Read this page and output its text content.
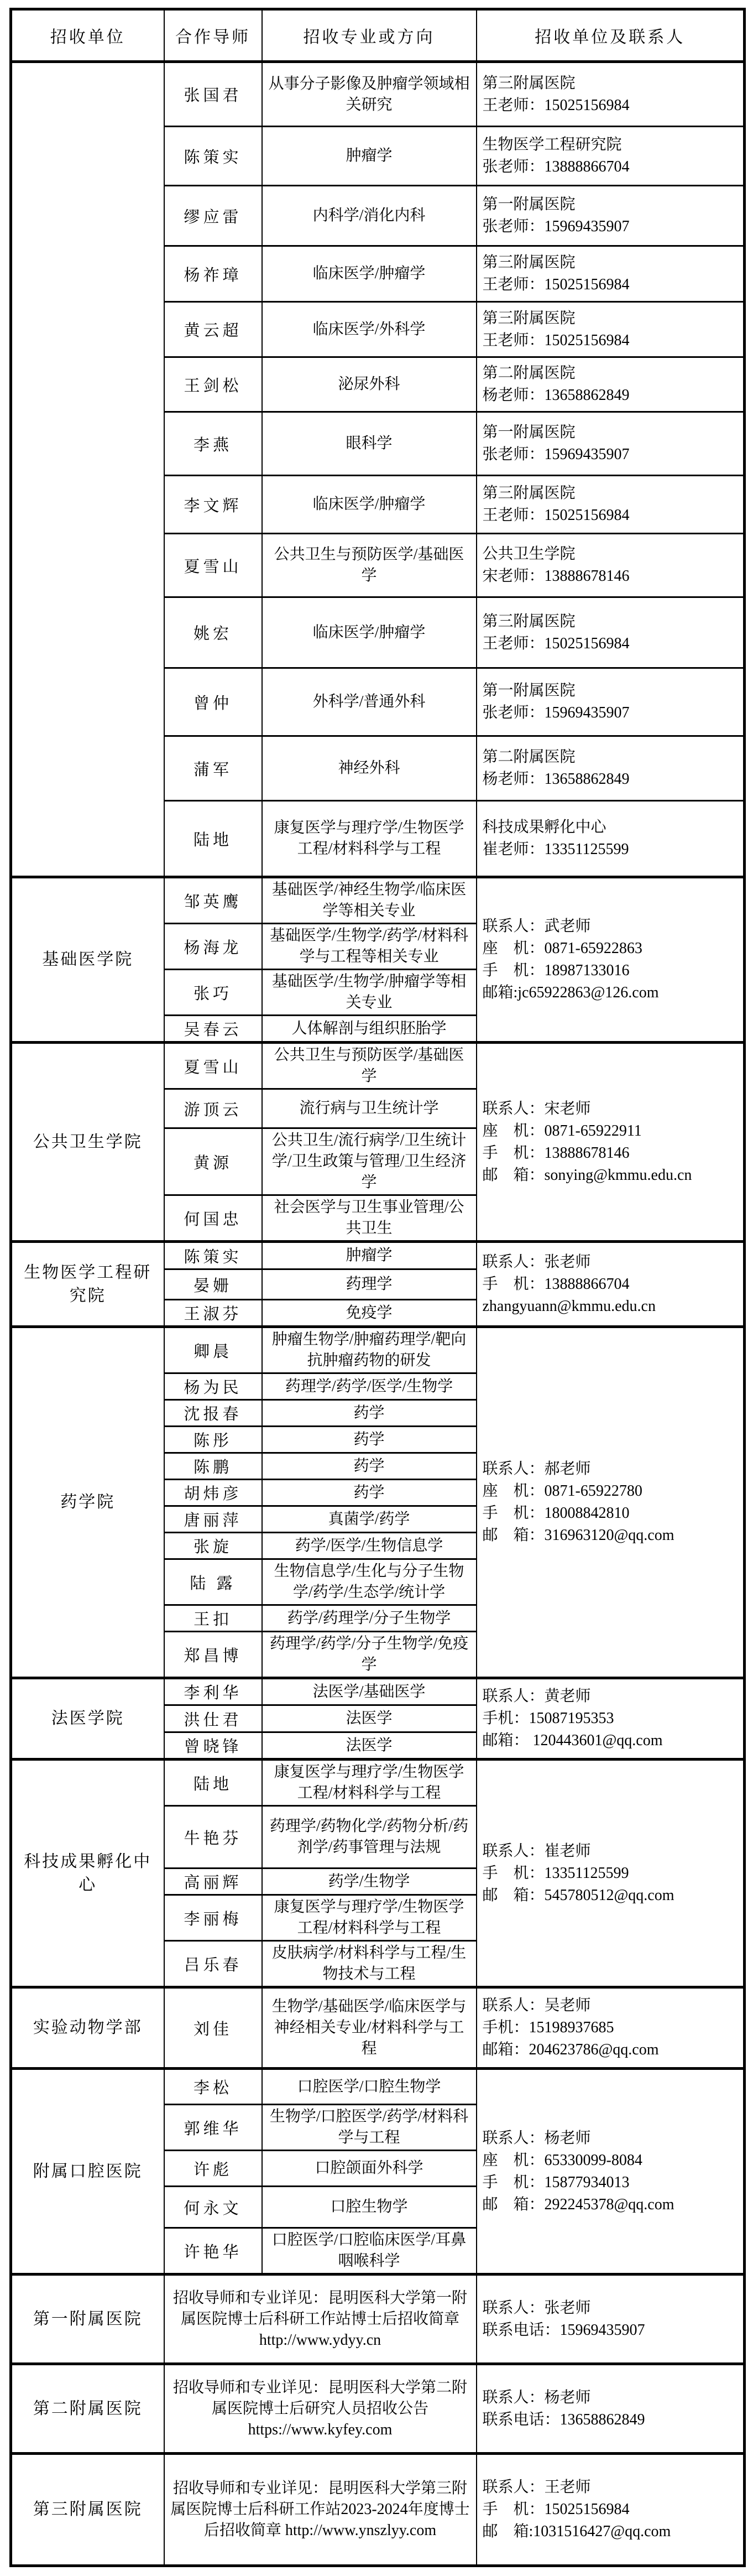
招收单位	合作导师	招收专业或方向	招收单位及联系人
	张国君	从事分子影像及肿瘤学领域相关研究	第三附属医院
王老师：15025156984

	陈策实	肿瘤学	生物医学工程研究院
张老师：13888866704

	缪应雷	内科学/消化内科	第一附属医院
张老师：15969435907

	杨祚璋	临床医学/肿瘤学	第三附属医院
王老师：15025156984

	黄云超	临床医学/外科学	第三附属医院
王老师：15025156984

	王剑松	泌尿外科	第二附属医院
杨老师：13658862849

	李燕	眼科学	第一附属医院
张老师：15969435907

	李文辉	临床医学/肿瘤学	第三附属医院
王老师：15025156984

	夏雪山	公共卫生与预防医学/基础医学	公共卫生学院
宋老师：13888678146

	姚宏	临床医学/肿瘤学	第三附属医院
王老师：15025156984

	曾仲	外科学/普通外科	第一附属医院
张老师：15969435907

	蒲军	神经外科	第二附属医院
杨老师：13658862849

	陆地	康复医学与理疗学/生物医学工程/材料科学与工程	科技成果孵化中心
崔老师：13351125599

基础医学院	邹英鹰	基础医学/神经生物学/临床医学等相关专业	联系人：武老师
座　机：0871-65922863
手　机：18987133016
邮箱:jc65922863@126.com

	杨海龙	基础医学/生物学/药学/材料科学与工程等相关专业	
	张巧	基础医学/生物学/肿瘤学等相关专业	
	吴春云	人体解剖与组织胚胎学	
公共卫生学院	夏雪山	公共卫生与预防医学/基础医学	联系人：宋老师
座　机：0871-65922911
手　机：13888678146
邮　箱：sonying@kmmu.edu.cn

	游顶云	流行病与卫生统计学	
	黄源	公共卫生/流行病学/卫生统计学/卫生政策与管理/卫生经济学	
	何国忠	社会医学与卫生事业管理/公共卫生	
生物医学工程研究院	陈策实	肿瘤学	联系人：张老师
手　机：13888866704
zhangyuann@kmmu.edu.cn

	晏姗	药理学	
	王淑芬	免疫学	
药学院	卿晨	肿瘤生物学/肿瘤药理学/靶向抗肿瘤药物的研发	联系人：郝老师
座　机：0871-65922780
手　机：18008842810
邮　箱：316963120@qq.com

	杨为民	药理学/药学/医学/生物学	
	沈报春	药学	
	陈彤	药学	
	陈鹏	药学	
	胡炜彦	药学	
	唐丽萍	真菌学/药学	
	张旋	药学/医学/生物信息学	
	陆 露	生物信息学/生化与分子生物学/药学/生态学/统计学	
	王扣	药学/药理学/分子生物学	
	郑昌博	药理学/药学/分子生物学/免疫学	
法医学院	李利华	法医学/基础医学	联系人：黄老师
手机：15087195353
邮箱： 120443601@qq.com

	洪仕君	法医学	
	曾晓锋	法医学	
科技成果孵化中心	陆地	康复医学与理疗学/生物医学工程/材料科学与工程	联系人：崔老师
手　机：13351125599
邮　箱：545780512@qq.com

	牛艳芬	药理学/药物化学/药物分析/药剂学/药事管理与法规	
	高丽辉	药学/生物学	
	李丽梅	康复医学与理疗学/生物医学工程/材料科学与工程	
	吕乐春	皮肤病学/材料科学与工程/生物技术与工程	
实验动物学部	刘佳	生物学/基础医学/临床医学与神经相关专业/材料科学与工程	联系人：吴老师
手机：15198937685
邮箱：204623786@qq.com

附属口腔医院	李松	口腔医学/口腔生物学	联系人：杨老师
座　机：65330099-8084
手　机：15877934013
邮　箱：292245378@qq.com

	郭维华	生物学/口腔医学/药学/材料科学与工程	
	许彪	口腔颌面外科学	
	何永文	口腔生物学	
	许艳华	口腔医学/口腔临床医学/耳鼻咽喉科学	
第一附属医院	招收导师和专业详见：昆明医科大学第一附属医院博士后科研工作站博士后招收简章http://www.ydyy.cn		联系人：张老师
联系电话：15969435907

第二附属医院	招收导师和专业详见：昆明医科大学第二附属医院博士后研究人员招收公告 https://www.kyfey.com		联系人：杨老师
联系电话：13658862849

第三附属医院	招收导师和专业详见：昆明医科大学第三附属医院博士后科研工作站2023-2024年度博士后招收简章 http://www.ynszlyy.com		联系人：王老师
手　机：15025156984
邮　箱:1031516427@qq.com
